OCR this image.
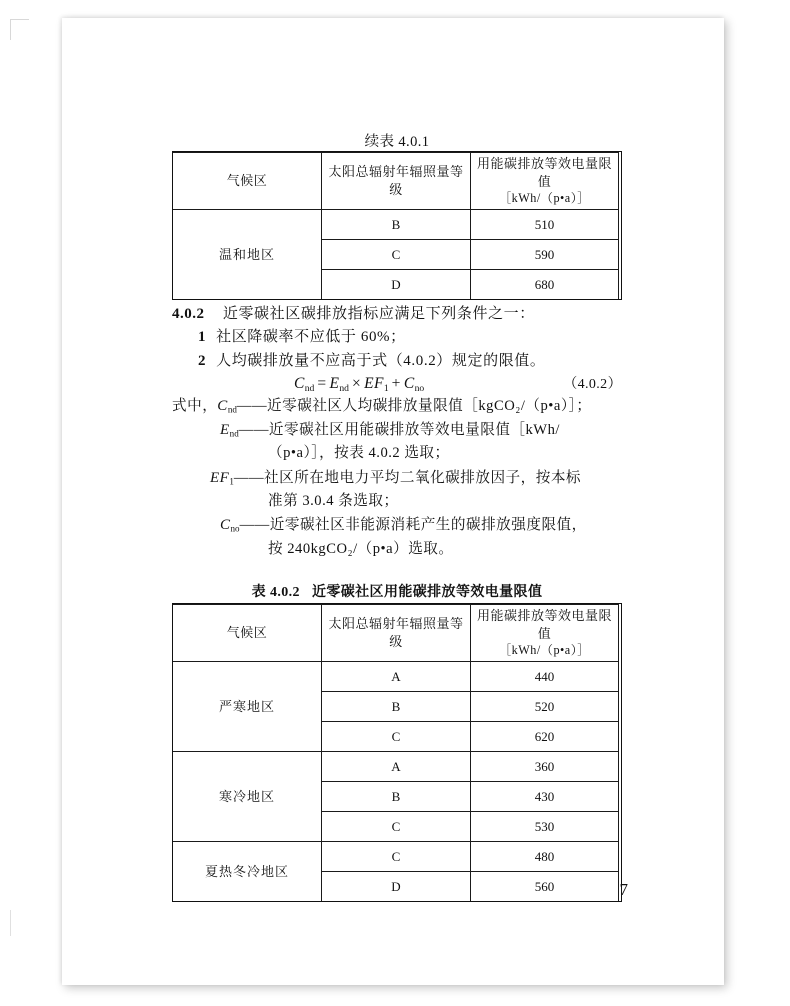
续表 4.0.1
气候区	太阳总辐射年辐照量等级	用能碳排放等效电量限值
［kWh/（p•a）］

温和地区	B	510
	C	590
	D	680

4.0.2 近零碳社区碳排放指标应满足下列条件之一：

1 社区降碳率不应低于 60%；

2 人均碳排放量不应高于式（4.0.2）规定的限值。

$C_{nd} = E_{nd} \times EF_1 + C_{no}$	（4.0.2）

式中，$C_{nd}——$近零碳社区人均碳排放量限值［kgCO₂/（p•a）］；

$E_{nd}——$近零碳社区用能碳排放等效电量限值［kWh/

（p•a）］，按表 4.0.2 选取；

$EF_1——$社区所在地电力平均二氧化碳排放因子，按本标

准第 3.0.4 条选取；

$C_{no}——$近零碳社区非能源消耗产生的碳排放强度限值，

按 240kgCO₂/（p•a）选取。

表 4.0.2 近零碳社区用能碳排放等效电量限值
气候区	太阳总辐射年辐照量等级	用能碳排放等效电量限值
［kWh/（p•a）］

严寒地区	A	440
	B	520
	C	620
寒冷地区	A	360
	B	430
	C	530
夏热冬冷地区	C	480
	D	560	7
